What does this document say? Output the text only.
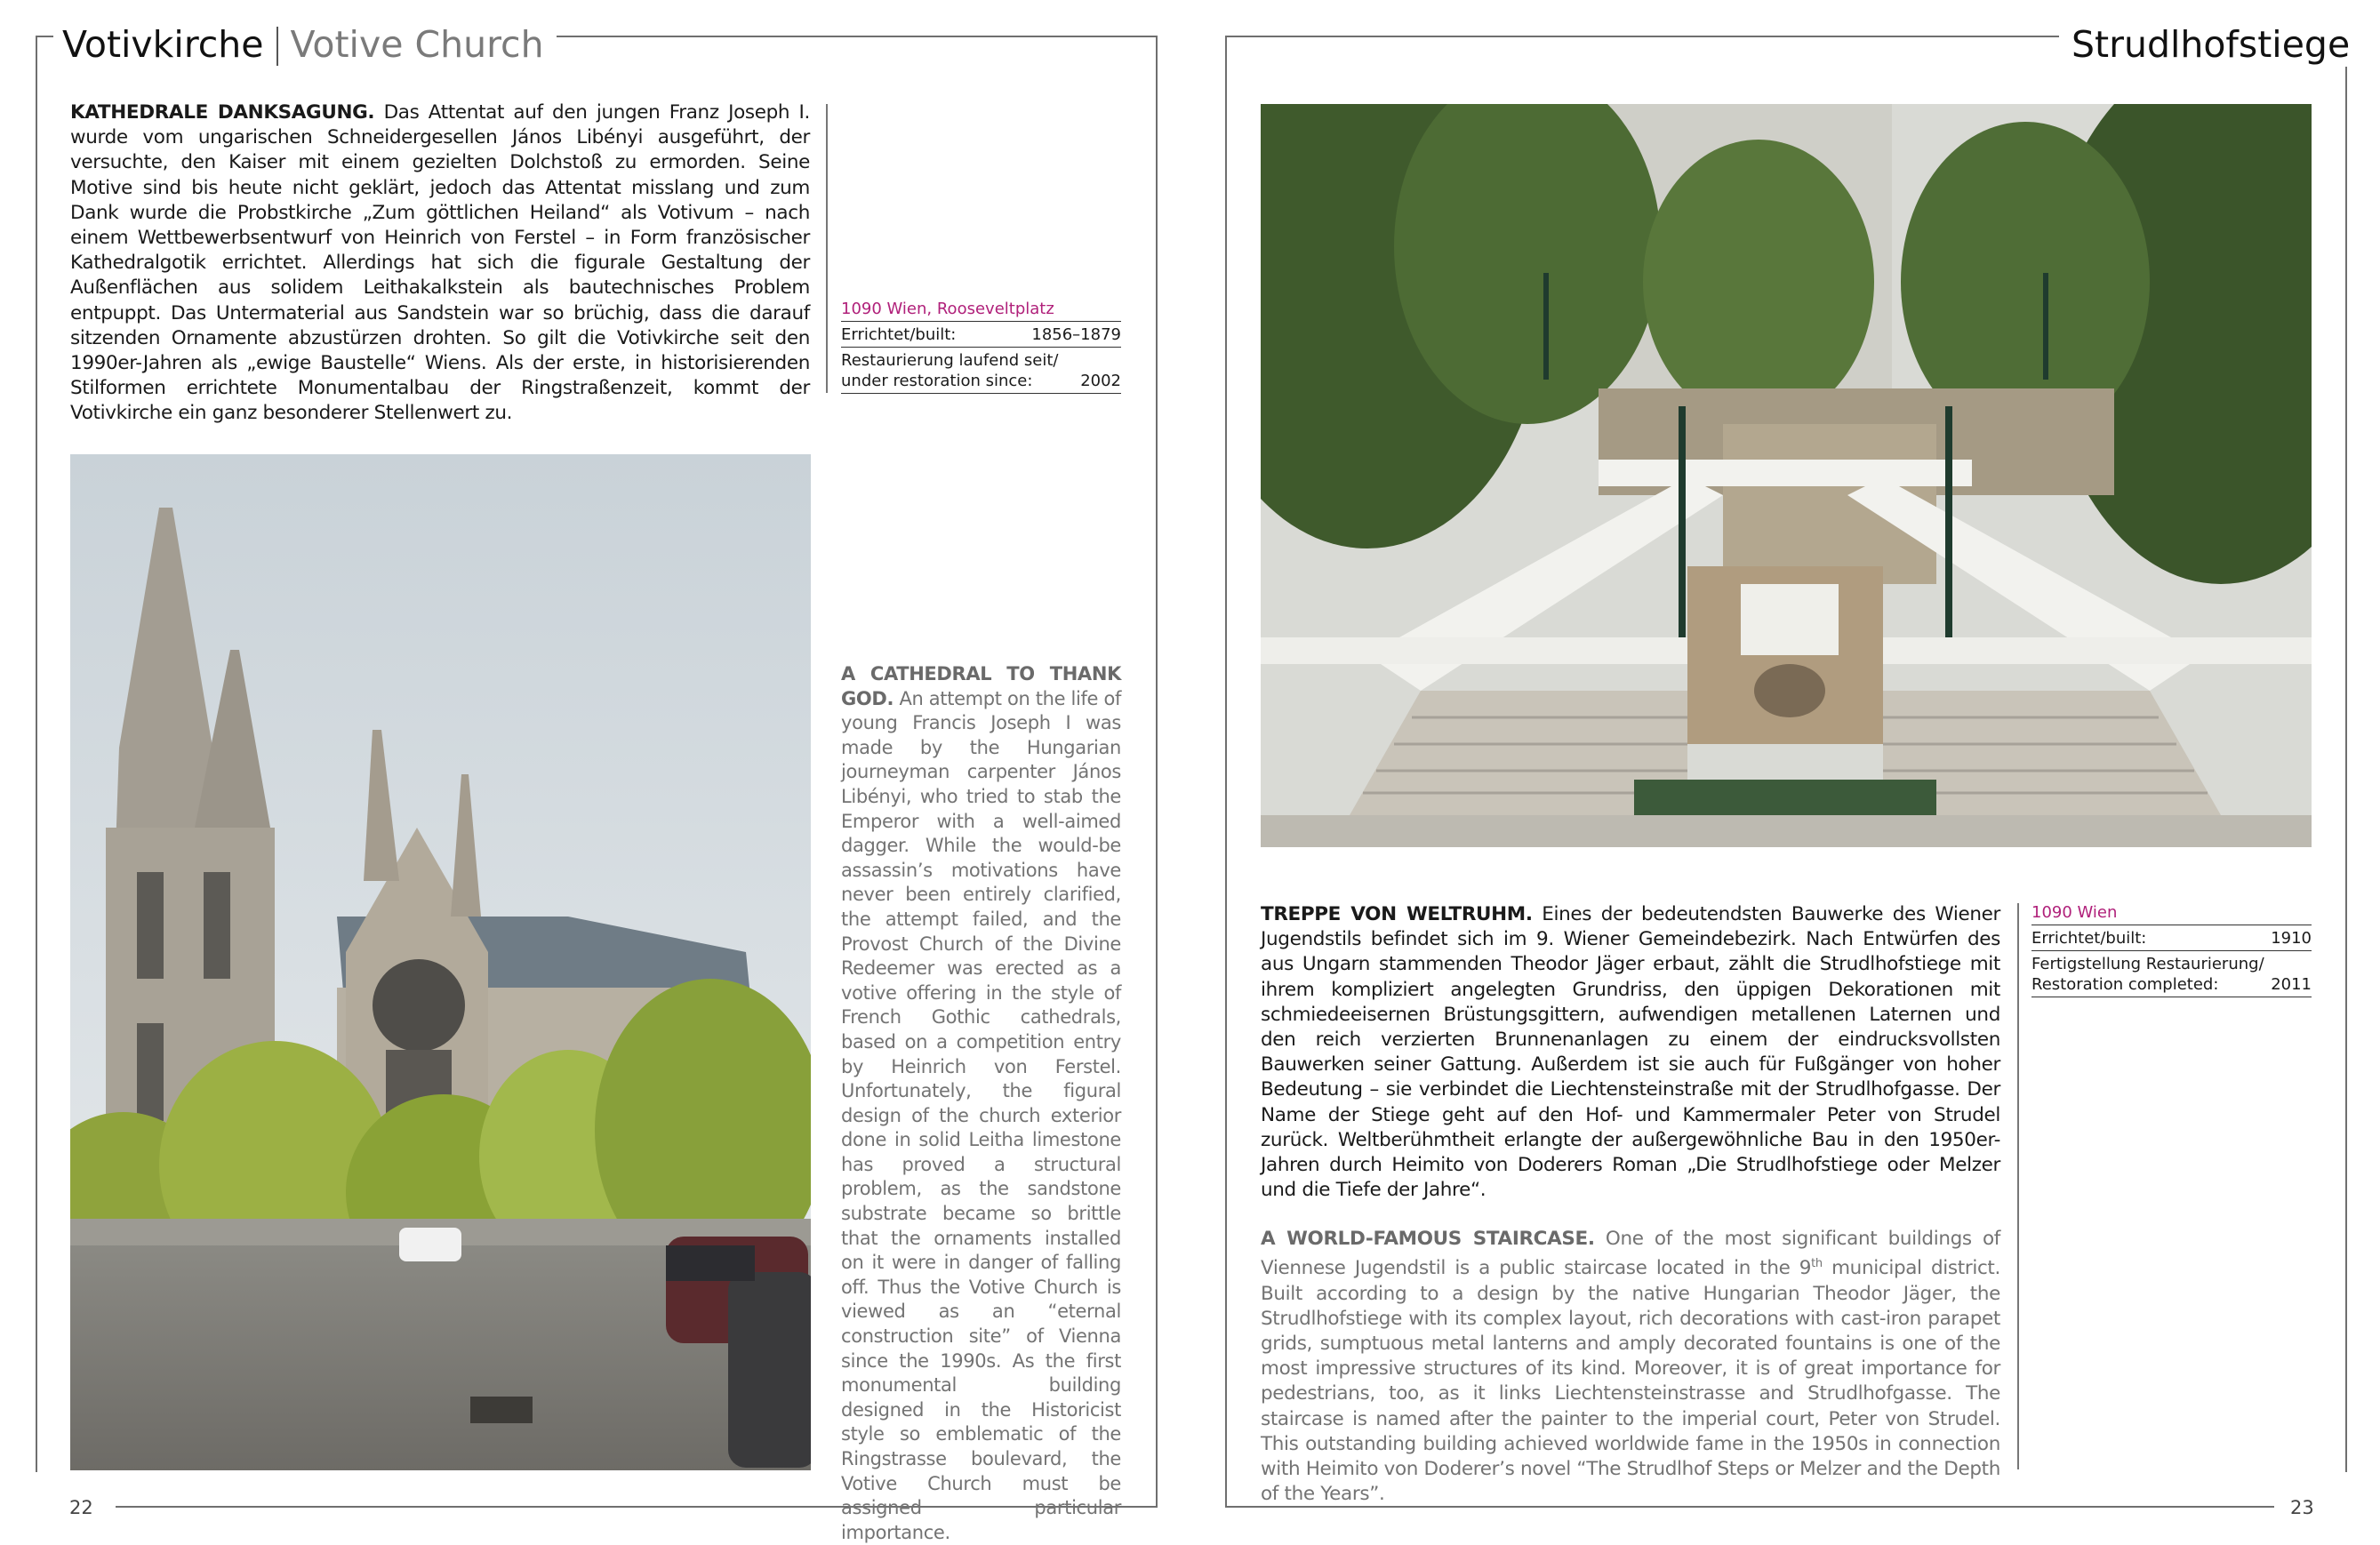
Votivkirche Votive Church
KATHEDRALE DANKSAGUNG. Das Attentat auf den jungen Franz Joseph I. wurde vom ungarischen Schneidergesellen János Libényi ausgeführt, der versuchte, den Kaiser mit einem gezielten Dolchstoß zu ermorden. Seine Motive sind bis heute nicht geklärt, jedoch das Attentat misslang und zum Dank wurde die Probstkirche „Zum göttlichen Heiland“ als Votivum – nach einem Wettbewerbsentwurf von Heinrich von Ferstel – in Form französischer Kathedralgotik errichtet. Allerdings hat sich die figurale Gestaltung der Außenflächen aus solidem Leithakalkstein als bautechnisches Problem entpuppt. Das Untermaterial aus Sandstein war so brüchig, dass die darauf sitzenden Ornamente abzustürzen drohten. So gilt die Votivkirche seit den 1990er-Jahren als „ewige Baustelle“ Wiens. Als der erste, in historisierenden Stilformen errichtete Monumentalbau der Ringstraßenzeit, kommt der Votivkirche ein ganz besonderer Stellenwert zu.
1090 Wien, Rooseveltplatz
Errichtet/built:	1856–1879
Restaurierung laufend seit/
under restoration since:	2002
A CATHEDRAL TO THANK GOD. An attempt on the life of young Francis Joseph I was made by the Hungarian journeyman carpenter János Libényi, who tried to stab the Emperor with a well-aimed dagger. While the would-be assassin’s motivations have never been entirely clarified, the attempt failed, and the Provost Church of the Divine Redeemer was erected as a votive offering in the style of French Gothic cathedrals, based on a competition entry by Heinrich von Ferstel. Unfortunately, the figural design of the church exterior done in solid Leitha limestone has proved a structural problem, as the sandstone substrate became so brittle that the ornaments installed on it were in danger of falling off. Thus the Votive Church is viewed as an “eternal construction site” of Vienna since the 1990s. As the first monumental building designed in the Historicist style so emblematic of the Ringstrasse boulevard, the Votive Church must be assigned particular importance.
22
Strudlhofstiege
TREPPE VON WELTRUHM. Eines der bedeutendsten Bauwerke des Wiener Jugendstils befindet sich im 9. Wiener Gemeindebezirk. Nach Entwürfen des aus Ungarn stammenden Theodor Jäger erbaut, zählt die Strudlhofstiege mit ihrem kompliziert angelegten Grundriss, den üppigen Dekorationen mit schmiedeeisernen Brüstungsgittern, aufwendigen metallenen Laternen und den reich verzierten Brunnenanlagen zu einem der eindrucksvollsten Bauwerken seiner Gattung. Außerdem ist sie auch für Fußgänger von hoher Bedeutung – sie verbindet die Liechtensteinstraße mit der Strudlhofgasse. Der Name der Stiege geht auf den Hof- und Kammermaler Peter von Strudel zurück. Weltberühmtheit erlangte der außergewöhnliche Bau in den 1950er-Jahren durch Heimito von Doderers Roman „Die Strudlhofstiege oder Melzer und die Tiefe der Jahre“.
1090 Wien
Errichtet/built:	1910
Fertigstellung Restaurierung/
Restoration completed:	2011
A WORLD-FAMOUS STAIRCASE. One of the most significant buildings of Viennese Jugendstil is a public staircase located in the 9th municipal district. Built according to a design by the native Hungarian Theodor Jäger, the Strudlhofstiege with its complex layout, rich decorations with cast-iron parapet grids, sumptuous metal lanterns and amply decorated fountains is one of the most impressive structures of its kind. Moreover, it is of great importance for pedestrians, too, as it links Liechtensteinstrasse and Strudlhofgasse. The staircase is named after the painter to the imperial court, Peter von Strudel. This outstanding building achieved worldwide fame in the 1950s in connection with Heimito von Doderer’s novel “The Strudlhof Steps or Melzer and the Depth of the Years”.
23
